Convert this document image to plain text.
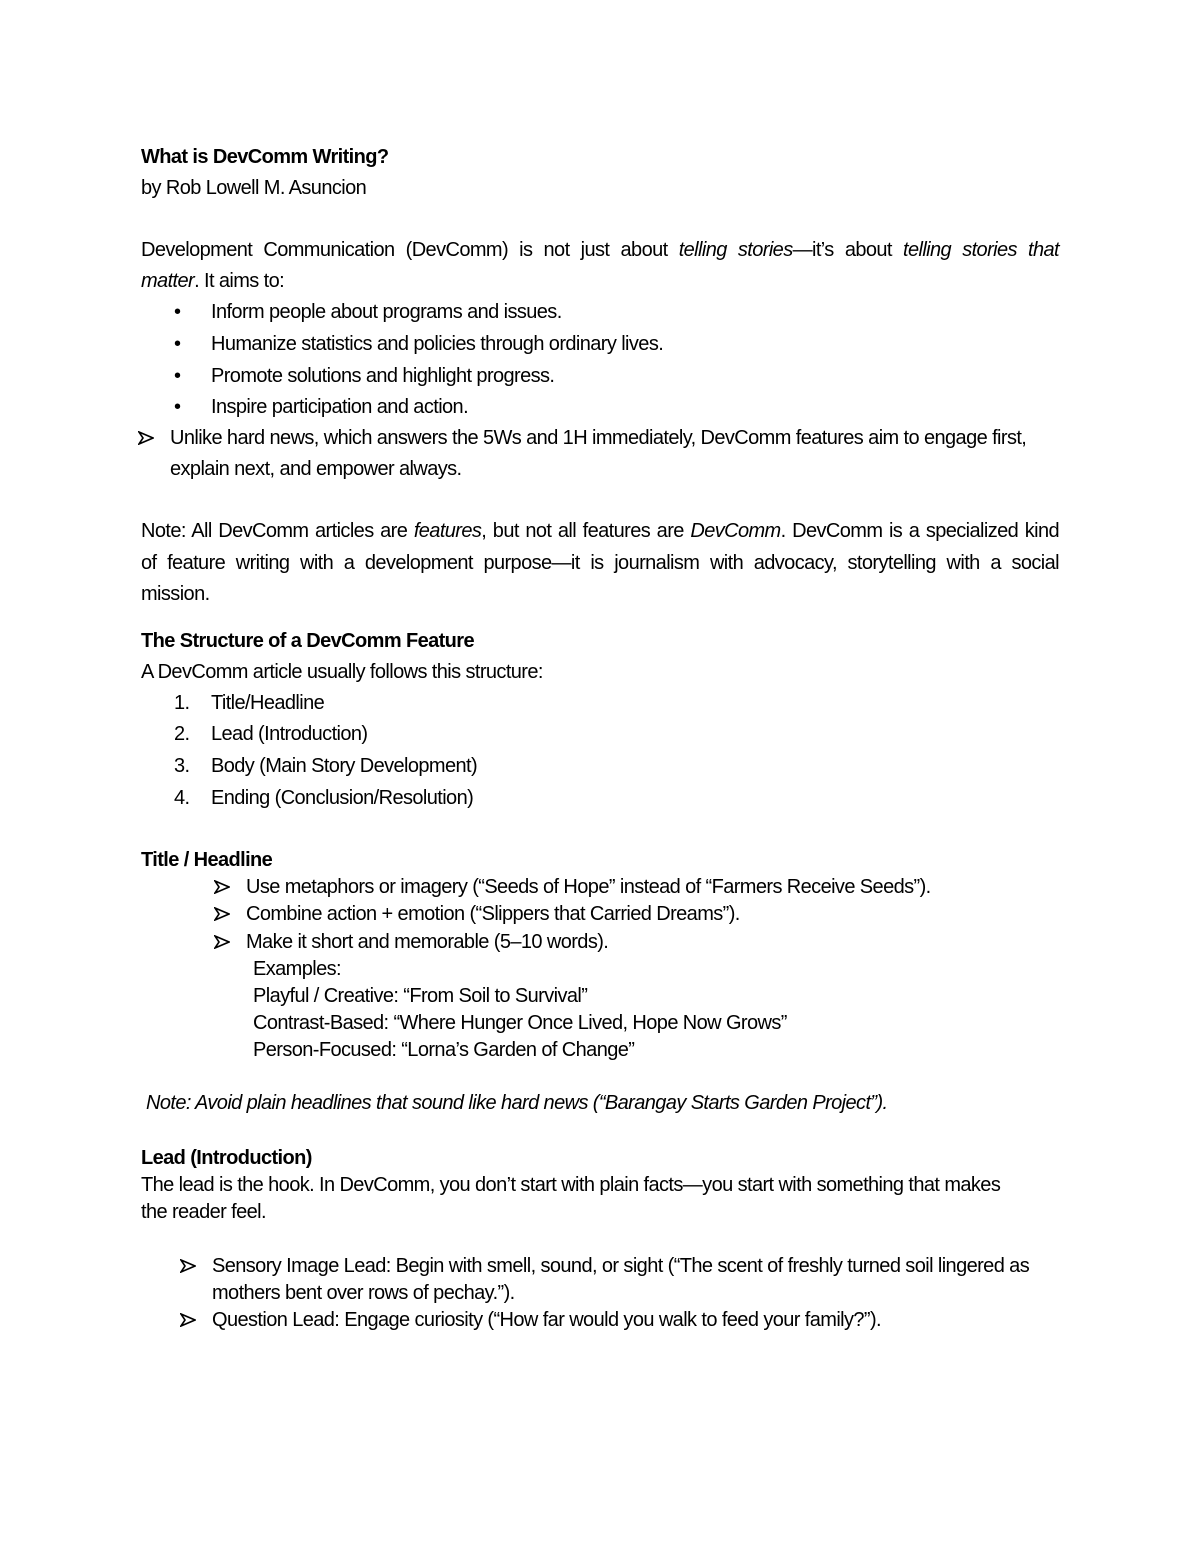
What is DevComm Writing?
by Rob Lowell M. Asuncion
Development Communication (DevComm) is not just about telling stories—it’s about telling stories that
matter. It aims to:
• Inform people about programs and issues.
• Humanize statistics and policies through ordinary lives.
• Promote solutions and highlight progress.
• Inspire participation and action.
Unlike hard news, which answers the 5Ws and 1H immediately, DevComm features aim to engage first,
explain next, and empower always.
Note: All DevComm articles are features, but not all features are DevComm. DevComm is a specialized kind
of feature writing with a development purpose—it is journalism with advocacy, storytelling with a social
mission.
The Structure of a DevComm Feature
A DevComm article usually follows this structure:
1. Title/Headline
2. Lead (Introduction)
3. Body (Main Story Development)
4. Ending (Conclusion/Resolution)
Title / Headline
Use metaphors or imagery (“Seeds of Hope” instead of “Farmers Receive Seeds”).
Combine action + emotion (“Slippers that Carried Dreams”).
Make it short and memorable (5–10 words).
Examples:
Playful / Creative: “From Soil to Survival”
Contrast-Based: “Where Hunger Once Lived, Hope Now Grows”
Person-Focused: “Lorna’s Garden of Change”
Note: Avoid plain headlines that sound like hard news (“Barangay Starts Garden Project”).
Lead (Introduction)
The lead is the hook. In DevComm, you don’t start with plain facts—you start with something that makes
the reader feel.
Sensory Image Lead: Begin with smell, sound, or sight (“The scent of freshly turned soil lingered as
mothers bent over rows of pechay.”).
Question Lead: Engage curiosity (“How far would you walk to feed your family?”).
